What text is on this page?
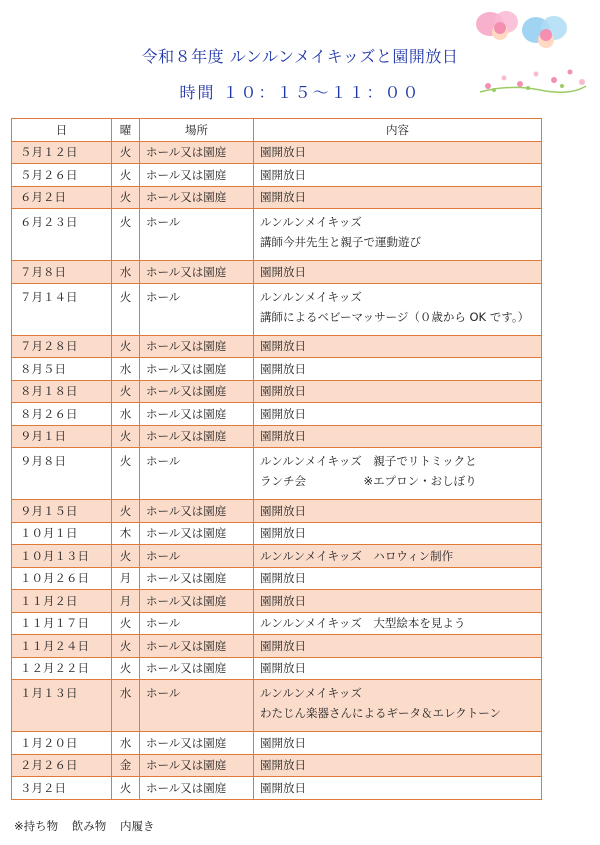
令和８年度 ルンルンメイキッズと園開放日
時間 １０：１５～１１：００
日	曜	場所	内容
５月１２日	火	ホール又は園庭	園開放日
５月２６日	火	ホール又は園庭	園開放日
６月２日	火	ホール又は園庭	園開放日
６月２３日	火	ホール	ルンルンメイキッズ
講師今井先生と親子で運動遊び

７月８日	水	ホール又は園庭	園開放日
７月１４日	火	ホール	ルンルンメイキッズ
講師によるベビーマッサージ（０歳から OK です。）

７月２８日	火	ホール又は園庭	園開放日
８月５日	水	ホール又は園庭	園開放日
８月１８日	火	ホール又は園庭	園開放日
８月２６日	水	ホール又は園庭	園開放日
９月１日	火	ホール又は園庭	園開放日
９月８日	火	ホール	ルンルンメイキッズ　親子でリトミックと
ランチ会　　　　　※エプロン・おしぼり

９月１５日	火	ホール又は園庭	園開放日
１０月１日	木	ホール又は園庭	園開放日
１０月１３日	火	ホール	ルンルンメイキッズ　ハロウィン制作
１０月２６日	月	ホール又は園庭	園開放日
１１月２日	月	ホール又は園庭	園開放日
１１月１７日	火	ホール	ルンルンメイキッズ　大型絵本を見よう
１１月２４日	火	ホール又は園庭	園開放日
１２月２２日	火	ホール又は園庭	園開放日
１月１３日	水	ホール	ルンルンメイキッズ
わたじん楽器さんによるギータ＆エレクトーン

１月２０日	水	ホール又は園庭	園開放日
２月２６日	金	ホール又は園庭	園開放日
３月２日	火	ホール又は園庭	園開放日
※持ち物 飲み物 内履き
